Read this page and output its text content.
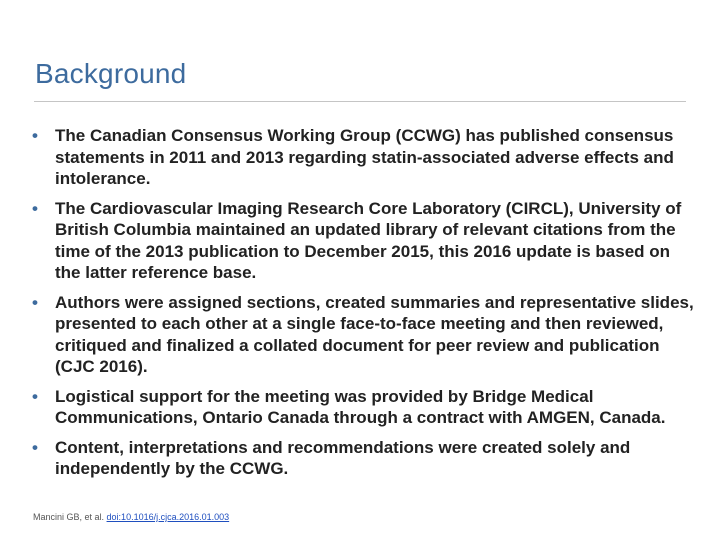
Background
• The Canadian Consensus Working Group (CCWG) has published consensus statements in 2011 and 2013 regarding statin-associated adverse effects and intolerance.
• The Cardiovascular Imaging Research Core Laboratory (CIRCL), University of British Columbia maintained an updated library of relevant citations from the time of the 2013 publication to December 2015, this 2016 update is based on the latter reference base.
• Authors were assigned sections, created summaries and representative slides, presented to each other at a single face-to-face meeting and then reviewed, critiqued and finalized a collated document for peer review and publication (CJC 2016).
• Logistical support for the meeting was provided by Bridge Medical Communications, Ontario Canada through a contract with AMGEN, Canada.
• Content, interpretations and recommendations were created solely and independently by the CCWG.
Mancini GB, et al. doi:10.1016/j.cjca.2016.01.003
